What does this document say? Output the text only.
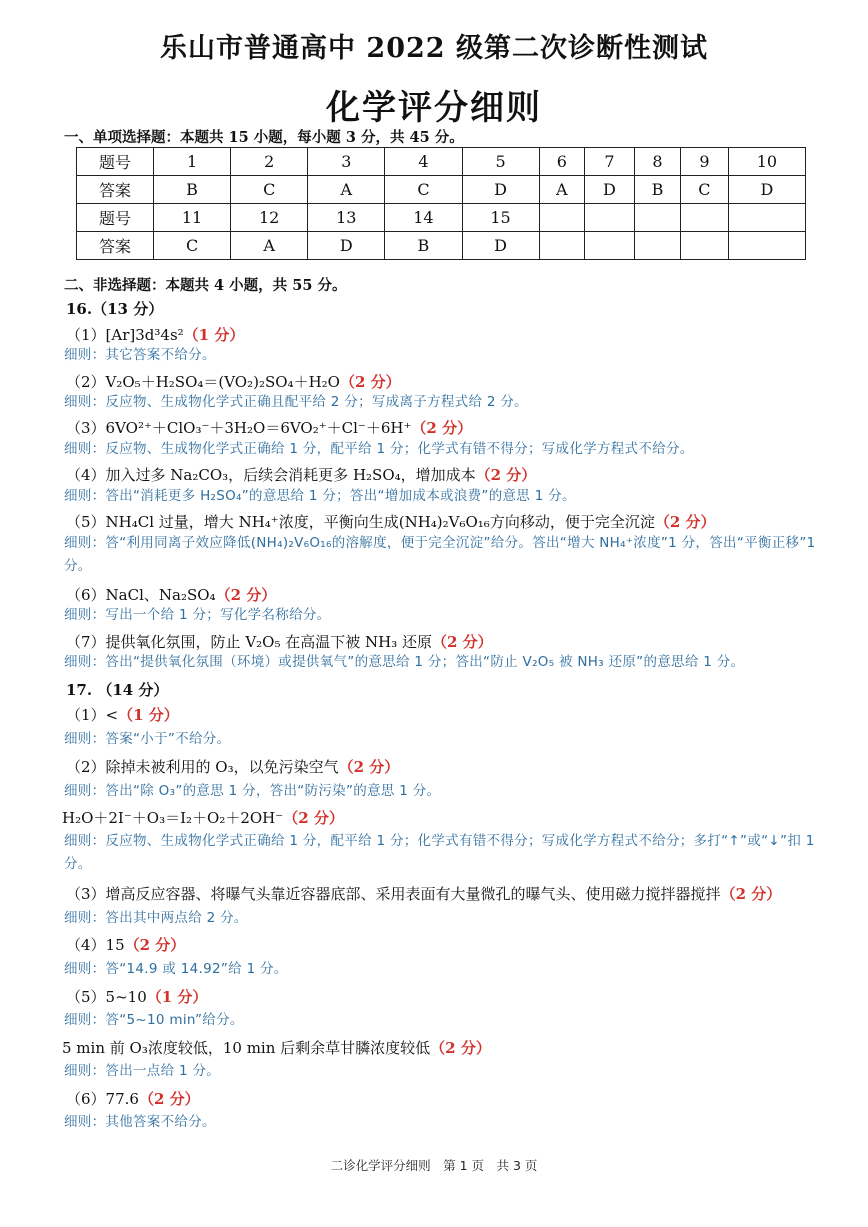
乐山市普通高中 2022 级第二次诊断性测试
化学评分细则
一、单项选择题：本题共 15 小题，每小题 3 分，共 45 分。
题号	1	2	3	4	5	6	7	8	9	10
答案	B	C	A	C	D	A	D	B	C	D
题号	11	12	13	14	15					
答案	C	A	D	B	D					
二、非选择题：本题共 4 小题，共 55 分。
16.（13 分）
（1）[Ar]3d³4s²（1 分）
细则：其它答案不给分。
（2）V₂O₅＋H₂SO₄＝(VO₂)₂SO₄＋H₂O（2 分）
细则：反应物、生成物化学式正确且配平给 2 分；写成离子方程式给 2 分。
（3）6VO²⁺＋ClO₃⁻＋3H₂O＝6VO₂⁺＋Cl⁻＋6H⁺（2 分）
细则：反应物、生成物化学式正确给 1 分，配平给 1 分；化学式有错不得分；写成化学方程式不给分。
（4）加入过多 Na₂CO₃，后续会消耗更多 H₂SO₄，增加成本（2 分）
细则：答出“消耗更多 H₂SO₄”的意思给 1 分；答出“增加成本或浪费”的意思 1 分。
（5）NH₄Cl 过量，增大 NH₄⁺浓度，平衡向生成(NH₄)₂V₆O₁₆方向移动，便于完全沉淀（2 分）
细则：答“利用同离子效应降低(NH₄)₂V₆O₁₆的溶解度，便于完全沉淀”给分。答出“增大 NH₄⁺浓度”1 分，答出“平衡正移”1 分。
（6）NaCl、Na₂SO₄（2 分）
细则：写出一个给 1 分；写化学名称给分。
（7）提供氧化氛围，防止 V₂O₅ 在高温下被 NH₃ 还原（2 分）
细则：答出“提供氧化氛围（环境）或提供氧气”的意思给 1 分；答出“防止 V₂O₅ 被 NH₃ 还原”的意思给 1 分。
17. （14 分）
（1）<（1 分）
细则：答案“小于”不给分。
（2）除掉未被利用的 O₃，以免污染空气（2 分）
细则：答出“除 O₃”的意思 1 分，答出“防污染”的意思 1 分。
H₂O＋2I⁻＋O₃＝I₂＋O₂＋2OH⁻（2 分）
细则：反应物、生成物化学式正确给 1 分，配平给 1 分；化学式有错不得分；写成化学方程式不给分；多打“↑”或“↓”扣 1 分。
（3）增高反应容器、将曝气头靠近容器底部、采用表面有大量微孔的曝气头、使用磁力搅拌器搅拌（2 分）
细则：答出其中两点给 2 分。
（4）15（2 分）
细则：答“14.9 或 14.92”给 1 分。
（5）5~10（1 分）
细则：答“5~10 min”给分。
5 min 前 O₃浓度较低，10 min 后剩余草甘膦浓度较低（2 分）
细则：答出一点给 1 分。
（6）77.6（2 分）
细则：其他答案不给分。
二诊化学评分细则　第 1 页　共 3 页
